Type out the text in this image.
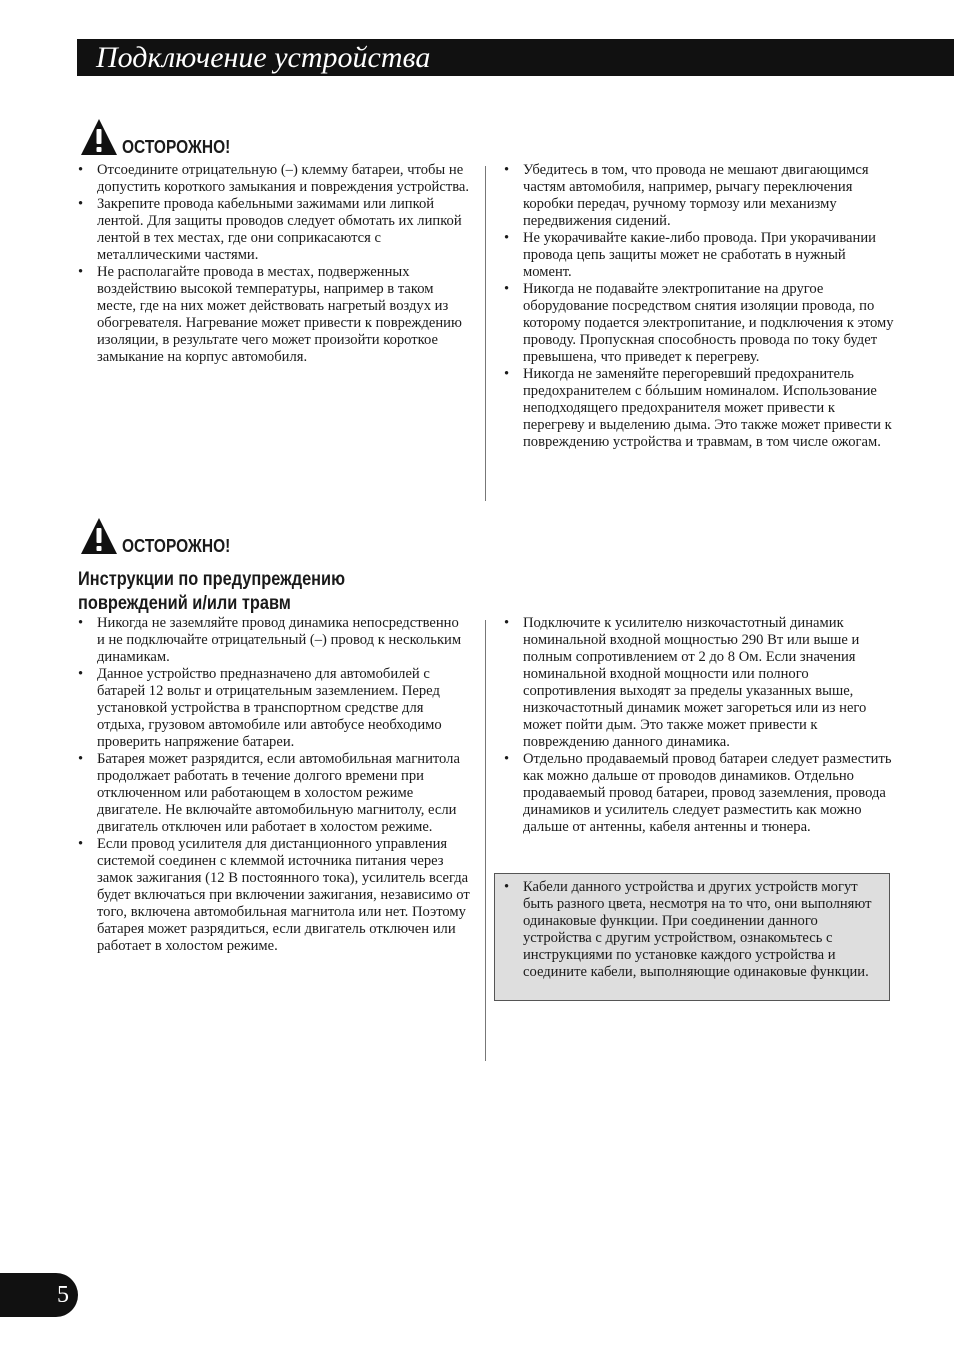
Подключение устройства
ОСТОРОЖНО!
• Отсоедините отрицательную (–) клемму батареи, чтобы не допустить короткого замыкания и повреждения устройства.
• Закрепите провода кабельными зажимами или липкой лентой. Для защиты проводов следует обмотать их липкой лентой в тех местах, где они соприкасаются с металлическими частями.
• Не располагайте провода в местах, подверженных воздействию высокой температуры, например в таком месте, где на них может действовать нагретый воздух из обогревателя. Нагревание может привести к повреждению изоляции, в результате чего может произойти короткое замыкание на корпус автомобиля.
• Убедитесь в том, что провода не мешают двигающимся частям автомобиля, например, рычагу переключения коробки передач, ручному тормозу или механизму передвижения сидений.
• Не укорачивайте какие-либо провода. При укорачивании провода цепь защиты может не сработать в нужный момент.
• Никогда не подавайте электропитание на другое оборудование посредством снятия изоляции провода, по которому подается электропитание, и подключения к этому проводу. Пропускная способность провода по току будет превышена, что приведет к перегреву.
• Никогда не заменяйте перегоревший предохранитель предохранителем с бóльшим номиналом. Использование неподходящего предохранителя может привести к перегреву и выделению дыма. Это также может привести к повреждению устройства и травмам, в том числе ожогам.
ОСТОРОЖНО!
Инструкции по предупреждению
повреждений и/или травм
• Никогда не заземляйте провод динамика непосредственно и не подключайте отрицательный (–) провод к нескольким динамикам.
• Данное устройство предназначено для автомобилей с батарей 12 вольт и отрицательным заземлением. Перед установкой устройства в транспортном средстве для отдыха, грузовом автомобиле или автобусе необходимо проверить напряжение батареи.
• Батарея может разрядится, если автомобильная магнитола продолжает работать в течение долгого времени при отключенном или работающем в холостом режиме двигателе. Не включайте автомобильную магнитолу, если двигатель отключен или работает в холостом режиме.
• Если провод усилителя для дистанционного управления системой соединен с клеммой источника питания через замок зажигания (12 В постоянного тока), усилитель всегда будет включаться при включении зажигания, независимо от того, включена автомобильная магнитола или нет. Поэтому батарея может разрядиться, если двигатель отключен или работает в холостом режиме.
• Подключите к усилителю низкочастотный динамик номинальной входной мощностью 290 Вт или выше и полным сопротивлением от 2 до 8 Ом. Если значения номинальной входной мощности или полного сопротивления выходят за пределы указанных выше, низкочастотный динамик может загореться или из него может пойти дым. Это также может привести к повреждению данного динамика.
• Отдельно продаваемый провод батареи следует разместить как можно дальше от проводов динамиков. Отдельно продаваемый провод батареи, провод заземления, провода динамиков и усилитель следует разместить как можно дальше от антенны, кабеля антенны и тюнера.
• Кабели данного устройства и других устройств могут быть разного цвета, несмотря на то что, они выполняют одинаковые функции. При соединении данного устройства с другим устройством, ознакомьтесь с инструкциями по установке каждого устройства и соедините кабели, выполняющие одинаковые функции.
5
